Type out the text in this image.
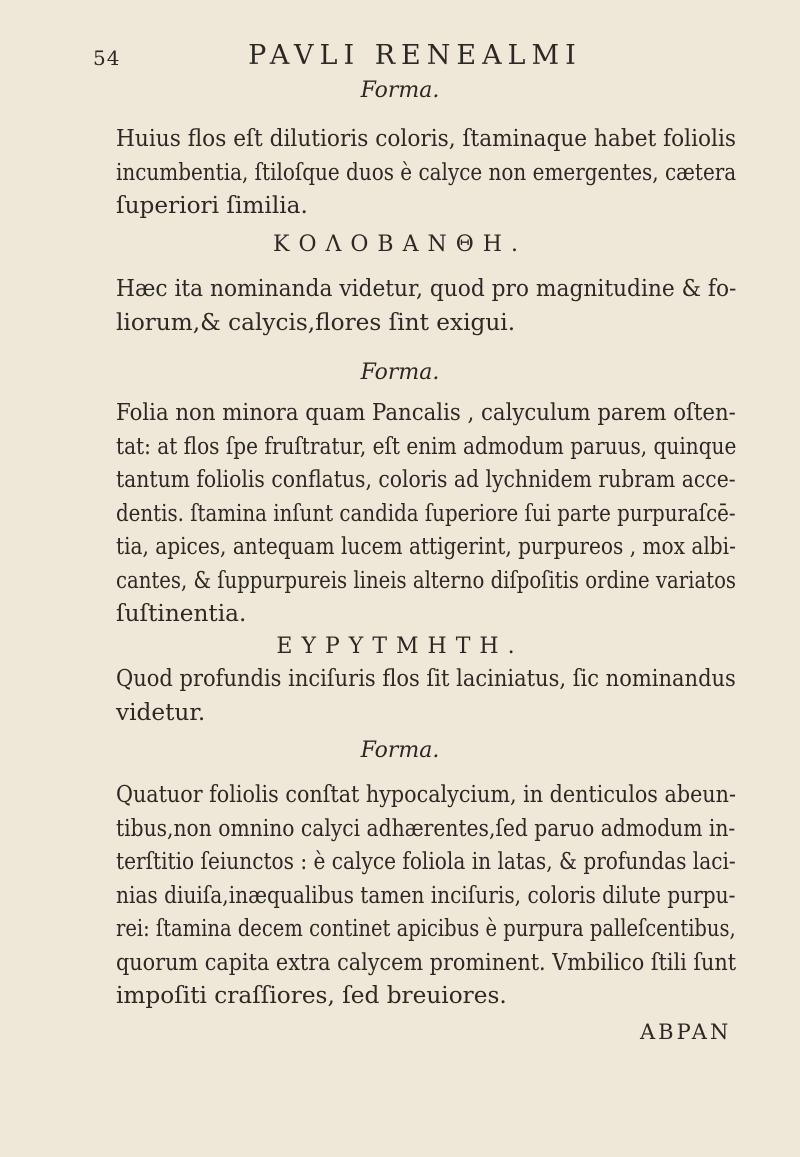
54	PAVLI RENEALMI
Forma.
Huius flos eſt dilutioris coloris, ſtaminaque habet foliolis
incumbentia, ſtiloſque duos è calyce non emergentes, cætera
ſuperiori ſimilia.
ΚΟΛΟΒΑΝΘΗ.
Hæc ita nominanda videtur, quod pro magnitudine & fo-
liorum,& calycis,flores ſint exigui.
Forma.
Folia non minora quam Pancalis , calyculum parem oſten-
tat: at flos ſpe fruſtratur, eſt enim admodum paruus, quinque
tantum foliolis conflatus, coloris ad lychnidem rubram acce-
dentis. ſtamina inſunt candida ſuperiore ſui parte purpuraſcē-
tia, apices, antequam lucem attigerint, purpureos , mox albi-
cantes, & ſuppurpureis lineis alterno diſpoſitis ordine variatos
ſuſtinentia.
ΕΥΡΥΤΜΗΤΗ.
Quod profundis inciſuris flos ſit laciniatus, ſic nominandus
videtur.
Forma.
Quatuor foliolis conſtat hypocalycium, in denticulos abeun-
tibus,non omnino calyci adhærentes,ſed paruo admodum in-
terſtitio ſeiunctos : è calyce foliola in latas, & profundas laci-
nias diuiſa,inæqualibus tamen inciſuris, coloris dilute purpu-
rei: ſtamina decem continet apicibus è purpura palleſcentibus,
quorum capita extra calycem prominent. Vmbilico ſtili ſunt
impoſiti craſſiores, ſed breuiores.
ABPAN
